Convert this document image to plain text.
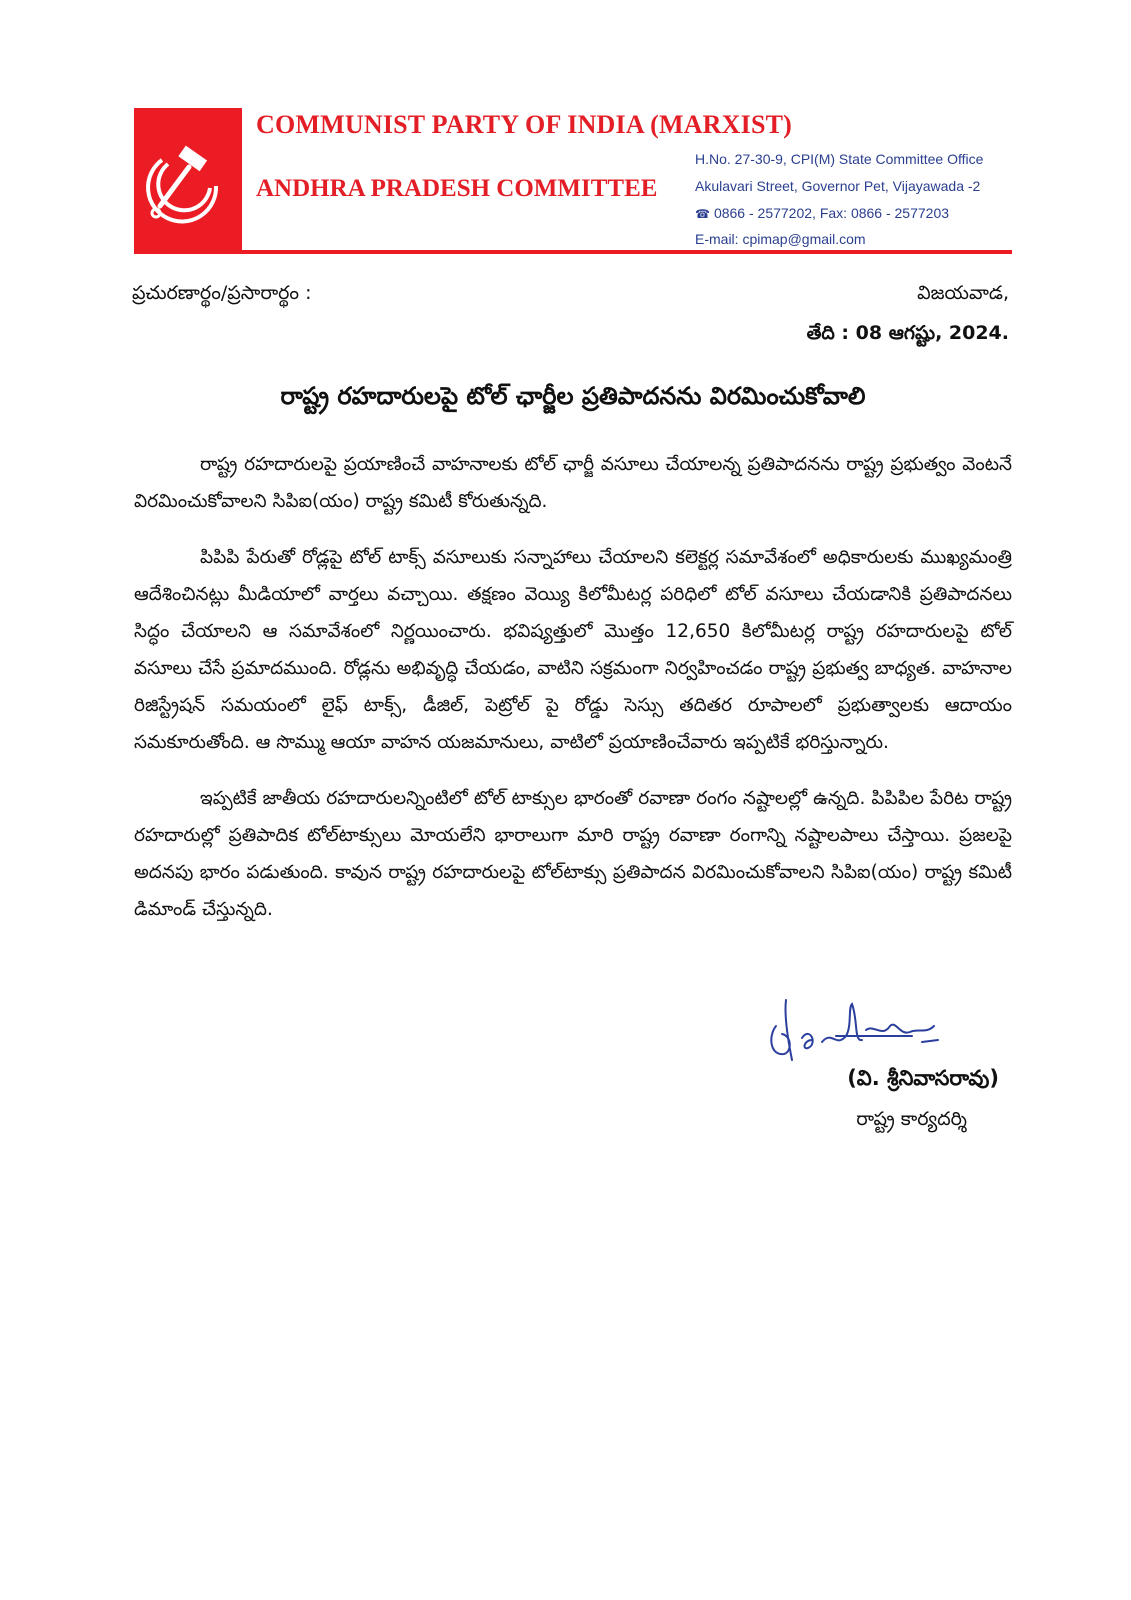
COMMUNIST PARTY OF INDIA (MARXIST)
ANDHRA PRADESH COMMITTEE
H.No. 27-30-9, CPI(M) State Committee Office
Akulavari Street, Governor Pet, Vijayawada -2
☎ 0866 - 2577202, Fax: 0866 - 2577203
E-mail: cpimap@gmail.com
ప్రచురణార్థం/ప్రసారార్థం :	విజయవాడ,
తేది : 08 ఆగష్టు, 2024.
రాష్ట్ర రహదారులపై టోల్ ఛార్జీల ప్రతిపాదనను విరమించుకోవాలి

రాష్ట్ర రహదారులపై ప్రయాణించే వాహనాలకు టోల్ ఛార్జీ వసూలు చేయాలన్న ప్రతిపాదనను రాష్ట్ర ప్రభుత్వం వెంటనే విరమించుకోవాలని సిపిఐ(యం) రాష్ట్ర కమిటీ కోరుతున్నది.

పిపిపి పేరుతో రోడ్లపై టోల్ టాక్స్ వసూలుకు సన్నాహాలు చేయాలని కలెక్టర్ల సమావేశంలో అధికారులకు ముఖ్యమంత్రి ఆదేశించినట్లు మీడియాలో వార్తలు వచ్చాయి. తక్షణం వెయ్యి కిలోమీటర్ల పరిధిలో టోల్ వసూలు చేయడానికి ప్రతిపాదనలు సిద్ధం చేయాలని ఆ సమావేశంలో నిర్ణయించారు. భవిష్యత్తులో మొత్తం 12,650 కిలోమీటర్ల రాష్ట్ర రహదారులపై టోల్ వసూలు చేసే ప్రమాదముంది. రోడ్లను అభివృద్ధి చేయడం, వాటిని సక్రమంగా నిర్వహించడం రాష్ట్ర ప్రభుత్వ బాధ్యత. వాహనాల రిజిస్ట్రేషన్ సమయంలో లైఫ్ టాక్స్, డీజిల్, పెట్రోల్ పై రోడ్డు సెస్సు తదితర రూపాలలో ప్రభుత్వాలకు ఆదాయం సమకూరుతోంది. ఆ సొమ్ము ఆయా వాహన యజమానులు, వాటిలో ప్రయాణించేవారు ఇప్పటికే భరిస్తున్నారు.

ఇప్పటికే జాతీయ రహదారులన్నింటిలో టోల్ టాక్సుల భారంతో రవాణా రంగం నష్టాలల్లో ఉన్నది. పిపిపిల పేరిట రాష్ట్ర రహదారుల్లో ప్రతిపాదిక టోల్‌టాక్సులు మోయలేని భారాలుగా మారి రాష్ట్ర రవాణా రంగాన్ని నష్టాలపాలు చేస్తాయి. ప్రజలపై అదనపు భారం పడుతుంది. కావున రాష్ట్ర రహదారులపై టోల్‌టాక్సు ప్రతిపాదన విరమించుకోవాలని సిపిఐ(యం) రాష్ట్ర కమిటీ డిమాండ్ చేస్తున్నది.

(వి. శ్రీనివాసరావు)
రాష్ట్ర కార్యదర్శి
